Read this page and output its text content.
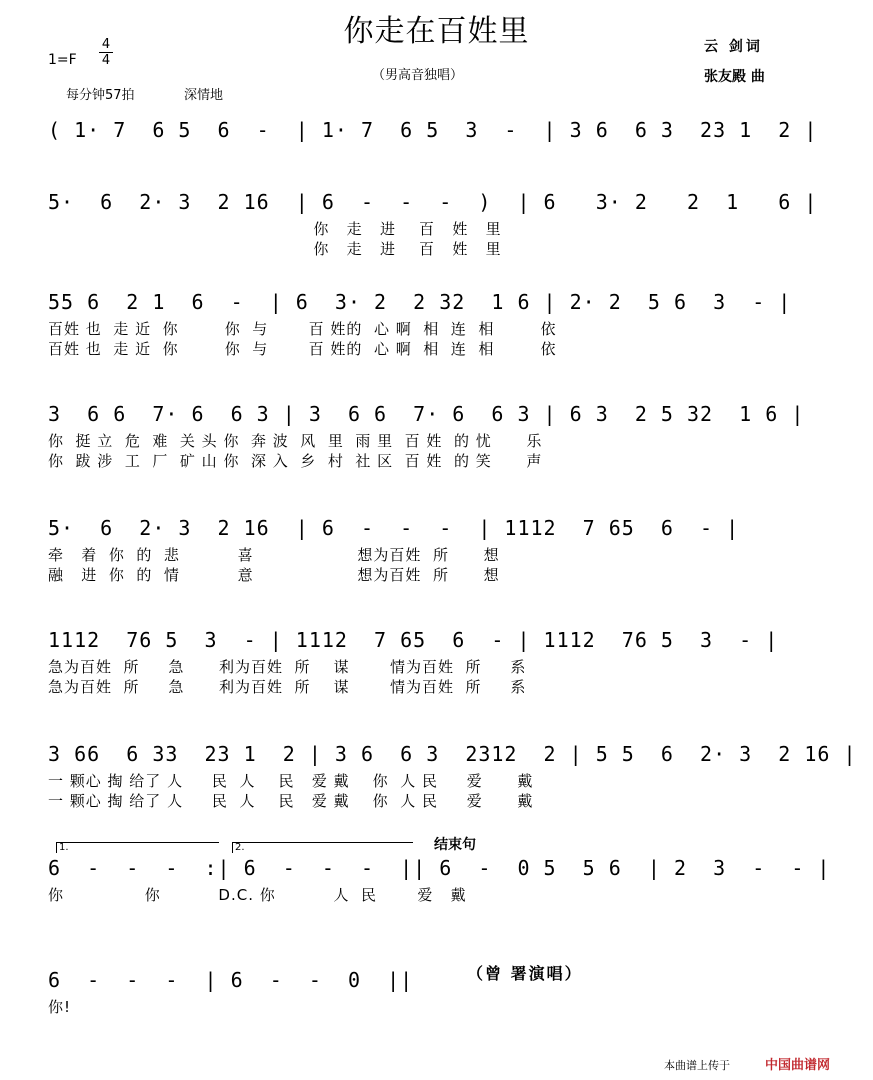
你走在百姓里
（男高音独唱）
云 剑词
张友殿 曲
1=F
4
4
每分钟57拍	深情地
( 1· 7  6 5  6  -  | 1· 7  6 5  3  -  | 3 6  6 3  23 1  2 |
5·  6  2· 3  2 16  | 6  -  -  -  )  | 6   3· 2   2  1   6 |
你   走   进    百   姓   里
你   走   进    百   姓   里
55 6  2 1  6  -  | 6  3· 2  2 32  1 6 | 2· 2  5 6  3  - |
百姓 也  走 近  你        你  与       百 姓的  心 啊  相  连  相        依
百姓 也  走 近  你        你  与       百 姓的  心 啊  相  连  相        依
3  6 6  7· 6  6 3 | 3  6 6  7· 6  6 3 | 6 3  2 5 32  1 6 |
你  挺 立  危  难  关 头 你  奔 波  风  里  雨 里  百 姓  的 忧      乐
你  跋 涉  工  厂  矿 山 你  深 入  乡  村  社 区  百 姓  的 笑      声
5·  6  2· 3  2 16  | 6  -  -  -  | 1112  7 65  6  - |
牵   着  你  的  悲          喜                  想为百姓  所      想
融   进  你  的  情          意                  想为百姓  所      想
1112  76 5  3  - | 1112  7 65  6  - | 1112  76 5  3  - |
急为百姓  所     急      利为百姓  所    谋       情为百姓  所     系
急为百姓  所     急      利为百姓  所    谋       情为百姓  所     系
3 66  6 33  23 1  2 | 3 6  6 3  2312  2 | 5 5  6  2· 3  2 16 |
一 颗心 掏 给了 人     民  人    民   爱 戴    你  人 民     爱      戴
一 颗心 掏 给了 人     民  人    民   爱 戴    你  人 民     爱      戴
1.	2.	结束句
6  -  -  -  :| 6  -  -  -  || 6  -  0 5  5 6  | 2  3  -  - |
你              你          D.C. 你          人  民       爱   戴
6  -  -  -  | 6  -  -  0  ||
你!
（曾 署演唱）
本曲谱上传于	中国曲谱网
